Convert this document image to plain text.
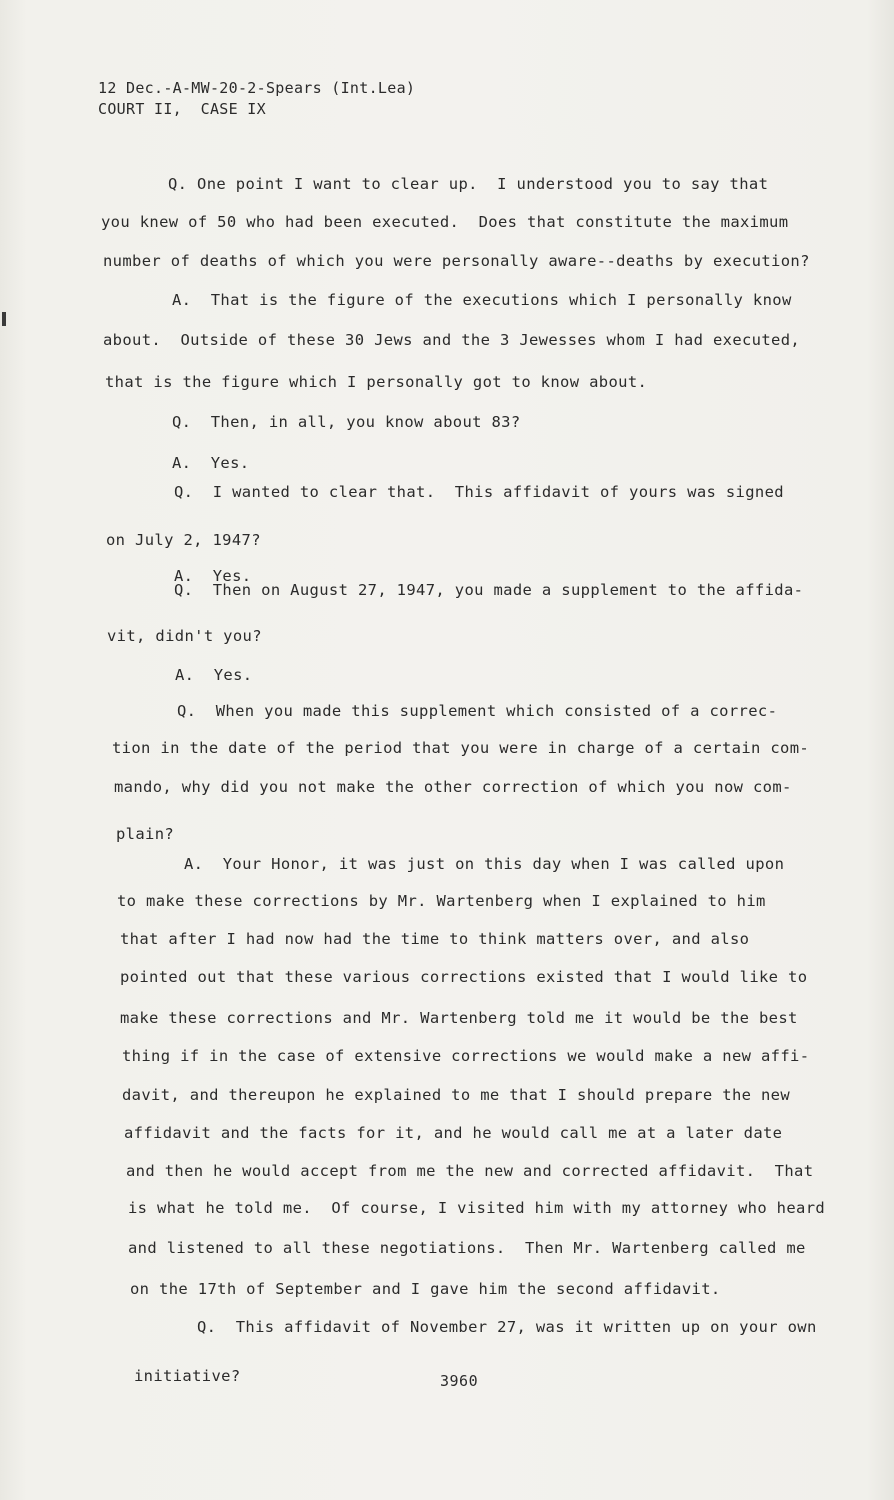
12 Dec.-A-MW-20-2-Spears (Int.Lea)
COURT II,  CASE IX
Q. One point I want to clear up.  I understood you to say that
you knew of 50 who had been executed.  Does that constitute the maximum
number of deaths of which you were personally aware--deaths by execution?
A.  That is the figure of the executions which I personally know
about.  Outside of these 30 Jews and the 3 Jewesses whom I had executed,
that is the figure which I personally got to know about.
Q.  Then, in all, you know about 83?
A.  Yes.
Q.  I wanted to clear that.  This affidavit of yours was signed
on July 2, 1947?
A.  Yes.
Q.  Then on August 27, 1947, you made a supplement to the affida-
vit, didn't you?
A.  Yes.
Q.  When you made this supplement which consisted of a correc-
tion in the date of the period that you were in charge of a certain com-
mando, why did you not make the other correction of which you now com-
plain?
A.  Your Honor, it was just on this day when I was called upon
to make these corrections by Mr. Wartenberg when I explained to him
that after I had now had the time to think matters over, and also
pointed out that these various corrections existed that I would like to
make these corrections and Mr. Wartenberg told me it would be the best
thing if in the case of extensive corrections we would make a new affi-
davit, and thereupon he explained to me that I should prepare the new
affidavit and the facts for it, and he would call me at a later date
and then he would accept from me the new and corrected affidavit.  That
is what he told me.  Of course, I visited him with my attorney who heard
and listened to all these negotiations.  Then Mr. Wartenberg called me
on the 17th of September and I gave him the second affidavit.
Q.  This affidavit of November 27, was it written up on your own
initiative?	3960
